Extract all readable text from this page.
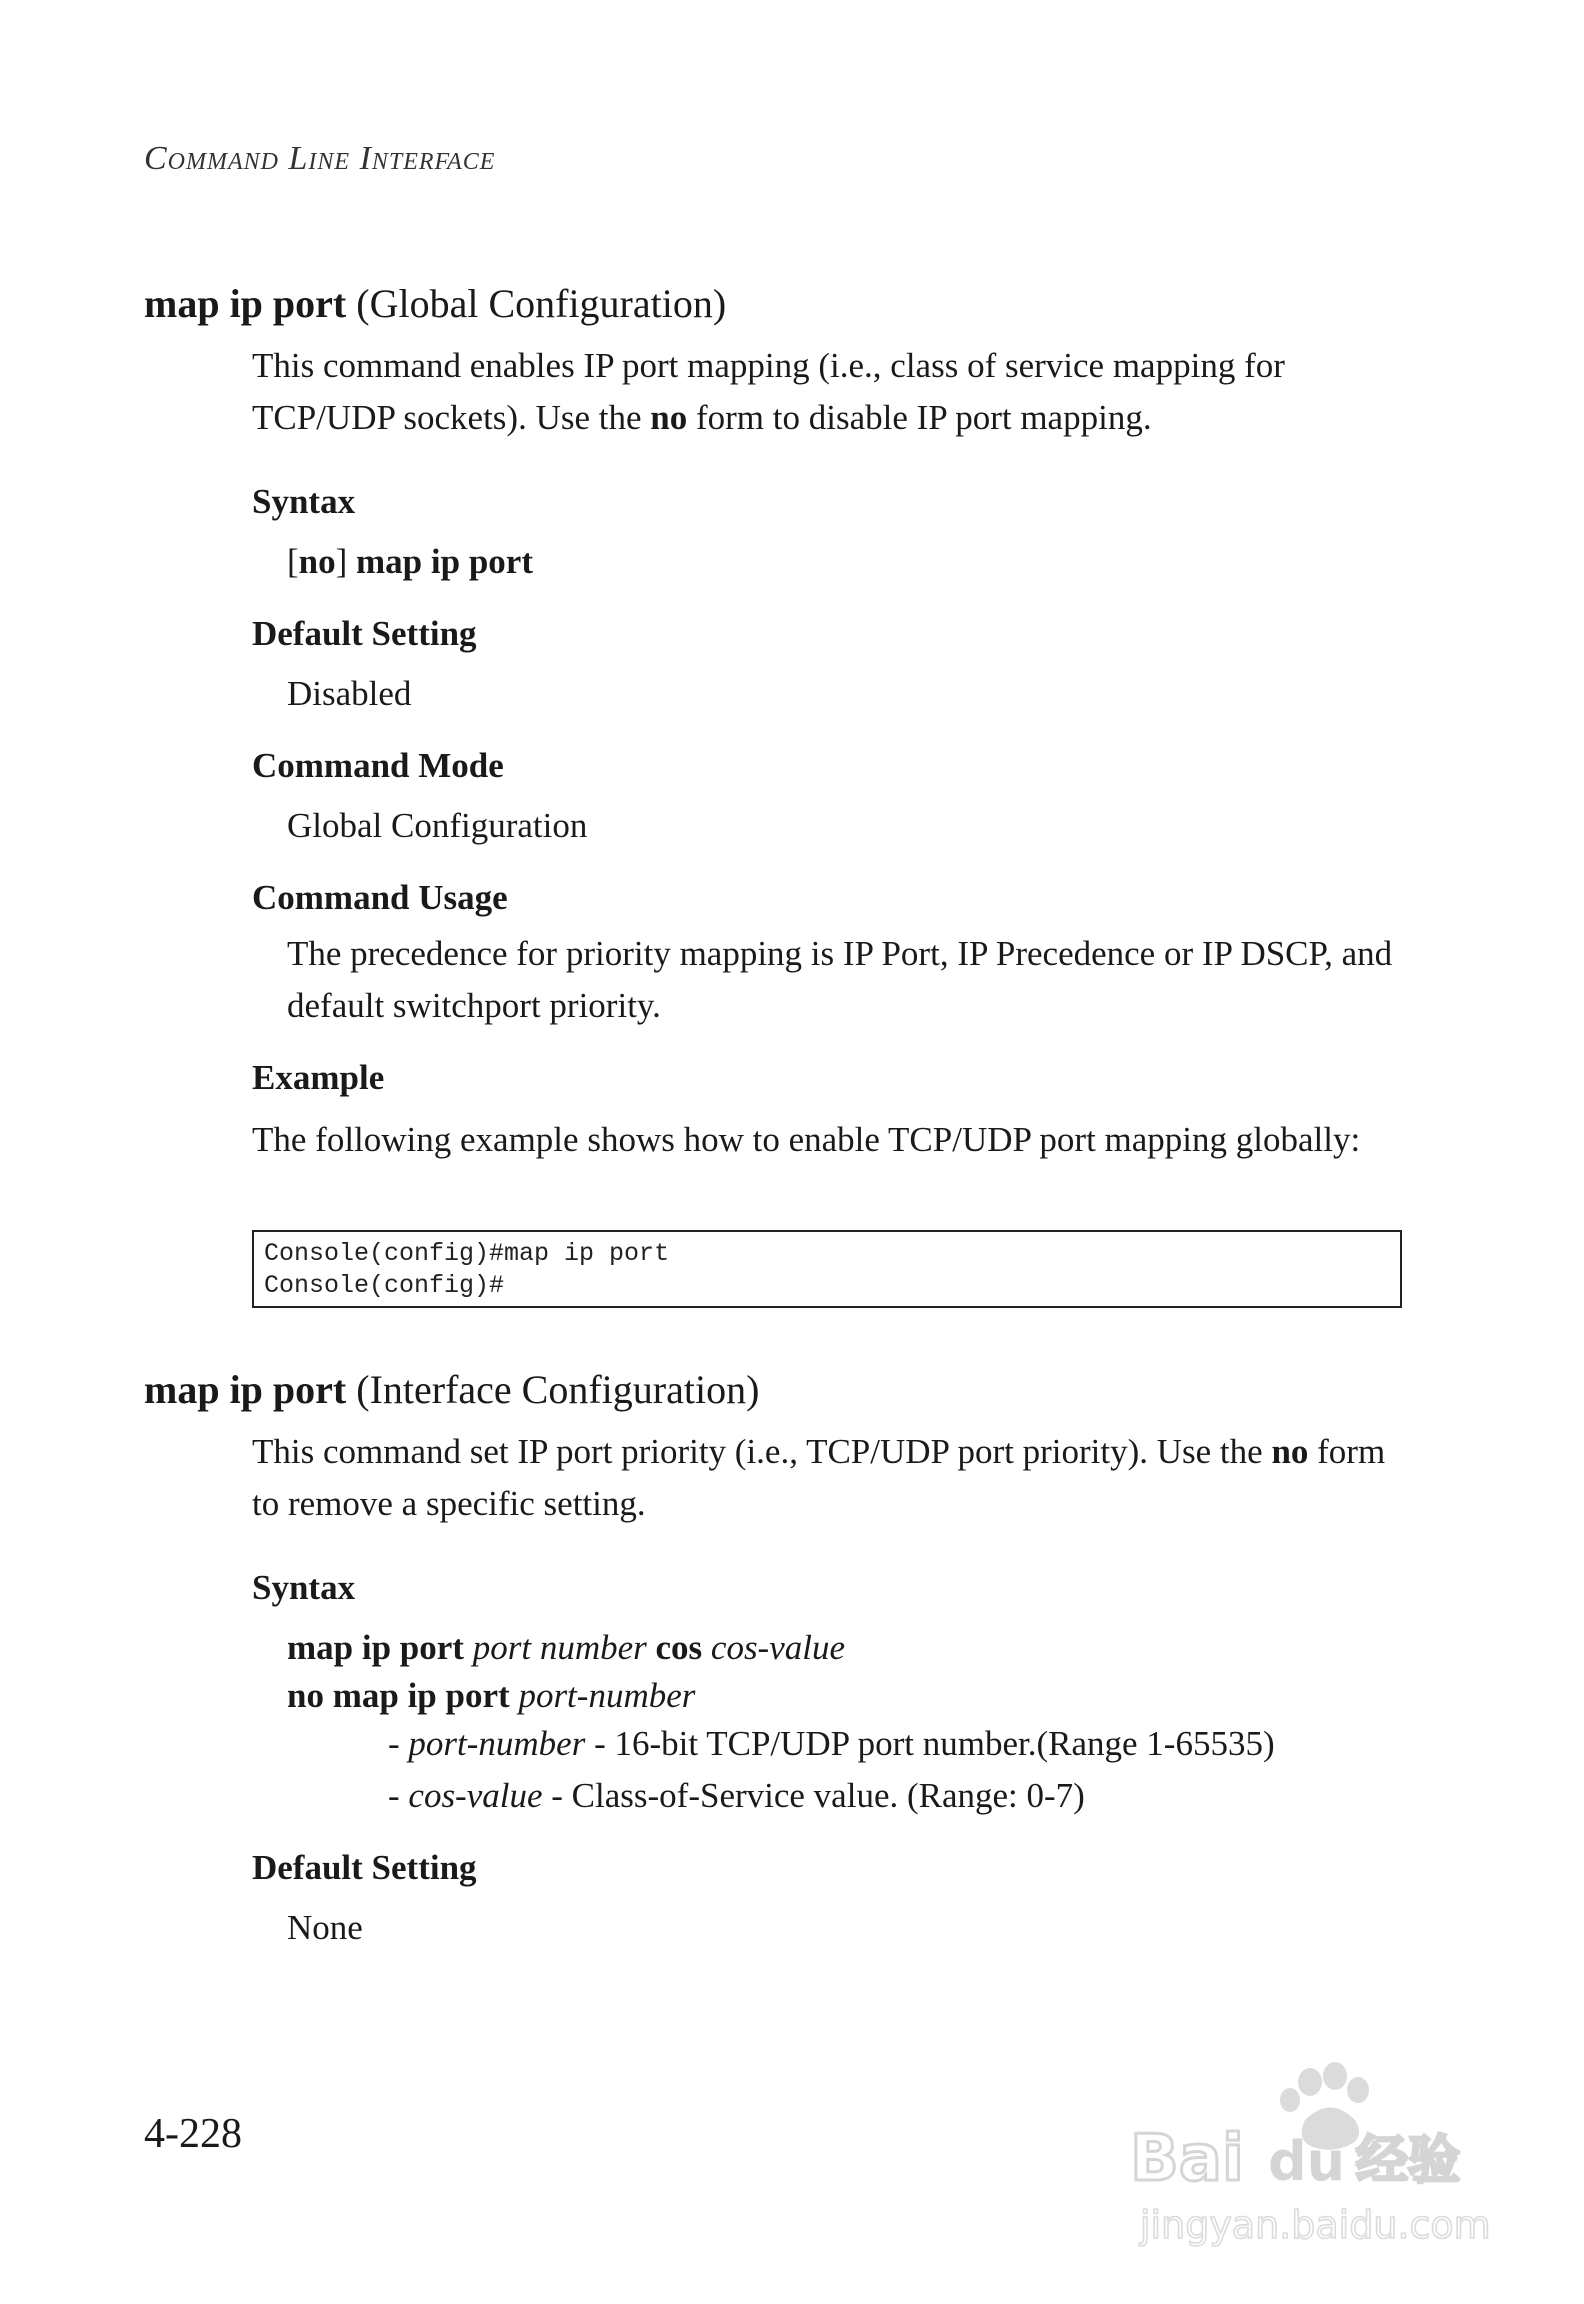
Command Line Interface
map ip port (Global Configuration)
This command enables IP port mapping (i.e., class of service mapping for TCP/UDP sockets). Use the no form to disable IP port mapping.
Syntax
[no] map ip port
Default Setting
Disabled
Command Mode
Global Configuration
Command Usage
The precedence for priority mapping is IP Port, IP Precedence or IP DSCP, and default switchport priority.
Example
The following example shows how to enable TCP/UDP port mapping globally:
Console(config)#map ip port
Console(config)#
map ip port (Interface Configuration)
This command set IP port priority (i.e., TCP/UDP port priority). Use the no form to remove a specific setting.
Syntax
map ip port port number cos cos-value
no map ip port port-number
- port-number - 16-bit TCP/UDP port number.(Range 1-65535)
- cos-value - Class-of-Service value. (Range: 0-7)
Default Setting
None
4-228	Bai du 经验
jingyan.baidu.com
